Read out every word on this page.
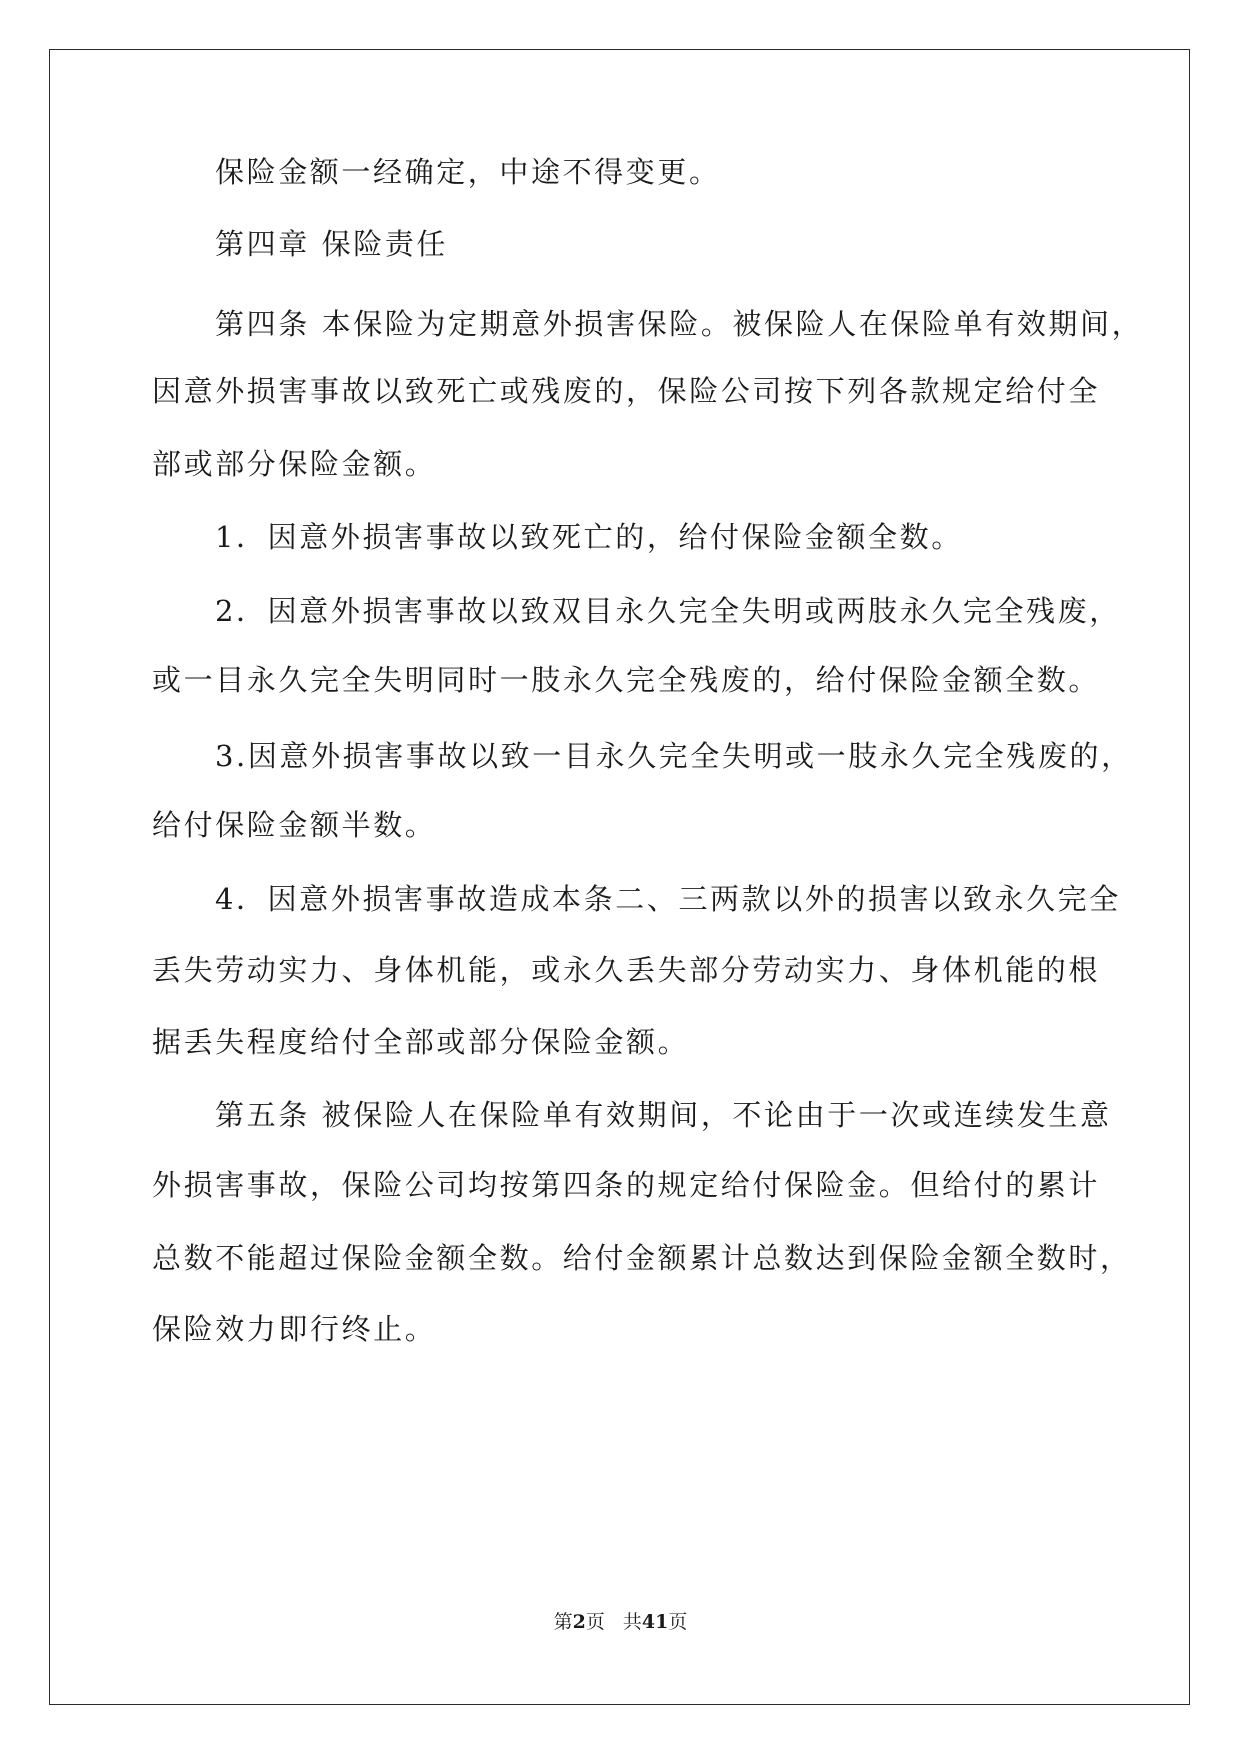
保险金额一经确定，中途不得变更。
第四章 保险责任
第四条 本保险为定期意外损害保险。被保险人在保险单有效期间，
因意外损害事故以致死亡或残废的，保险公司按下列各款规定给付全
部或部分保险金额。
1．因意外损害事故以致死亡的，给付保险金额全数。
2．因意外损害事故以致双目永久完全失明或两肢永久完全残废，
或一目永久完全失明同时一肢永久完全残废的，给付保险金额全数。
3.因意外损害事故以致一目永久完全失明或一肢永久完全残废的，
给付保险金额半数。
4．因意外损害事故造成本条二、三两款以外的损害以致永久完全
丢失劳动实力、身体机能，或永久丢失部分劳动实力、身体机能的根
据丢失程度给付全部或部分保险金额。
第五条 被保险人在保险单有效期间，不论由于一次或连续发生意
外损害事故，保险公司均按第四条的规定给付保险金。但给付的累计
总数不能超过保险金额全数。给付金额累计总数达到保险金额全数时，
保险效力即行终止。
第2页 共41页
